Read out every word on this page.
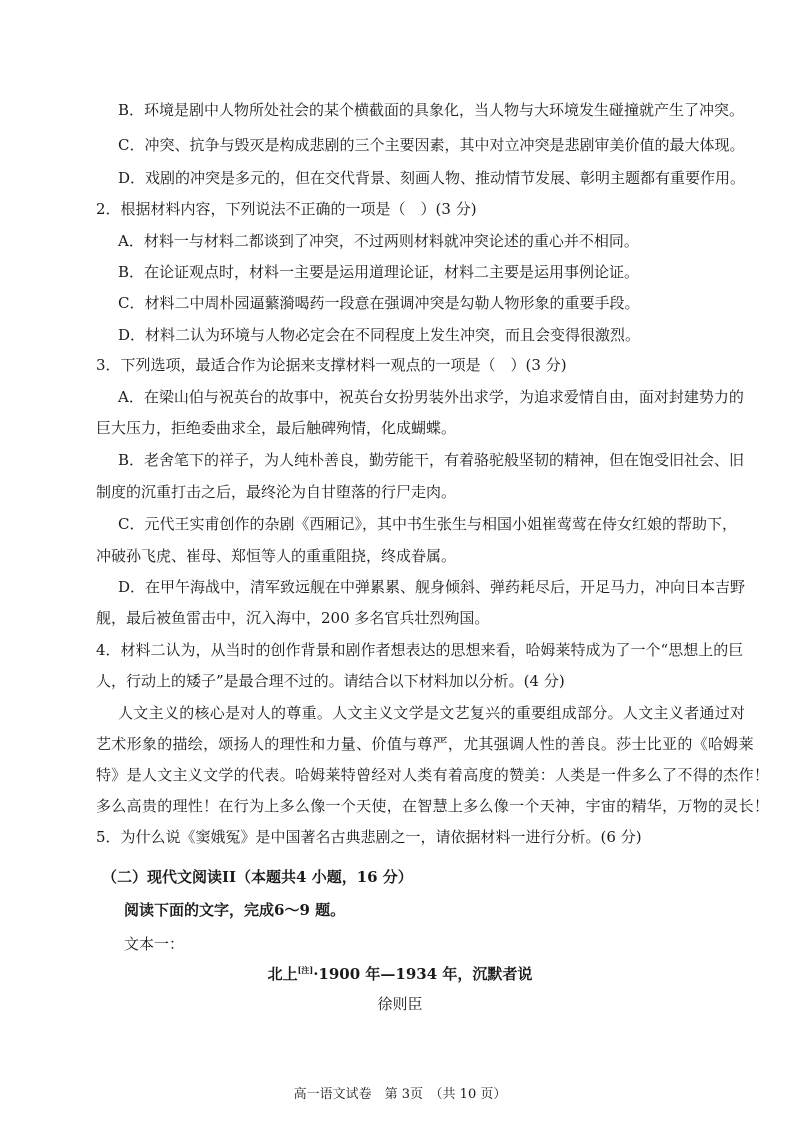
B．环境是剧中人物所处社会的某个横截面的具象化，当人物与大环境发生碰撞就产生了冲突。
C．冲突、抗争与毁灭是构成悲剧的三个主要因素，其中对立冲突是悲剧审美价值的最大体现。
D．戏剧的冲突是多元的，但在交代背景、刻画人物、推动情节发展、彰明主题都有重要作用。
2．根据材料内容，下列说法不正确的一项是（　）(3 分)
A．材料一与材料二都谈到了冲突，不过两则材料就冲突论述的重心并不相同。
B．在论证观点时，材料一主要是运用道理论证，材料二主要是运用事例论证。
C．材料二中周朴园逼蘩漪喝药一段意在强调冲突是勾勒人物形象的重要手段。
D．材料二认为环境与人物必定会在不同程度上发生冲突，而且会变得很激烈。
3．下列选项，最适合作为论据来支撑材料一观点的一项是（　）(3 分)
A．在梁山伯与祝英台的故事中，祝英台女扮男装外出求学，为追求爱情自由，面对封建势力的
巨大压力，拒绝委曲求全，最后触碑殉情，化成蝴蝶。
B．老舍笔下的祥子，为人纯朴善良，勤劳能干，有着骆驼般坚韧的精神，但在饱受旧社会、旧
制度的沉重打击之后，最终沦为自甘堕落的行尸走肉。
C．元代王实甫创作的杂剧《西厢记》，其中书生张生与相国小姐崔莺莺在侍女红娘的帮助下，
冲破孙飞虎、崔母、郑恒等人的重重阻挠，终成眷属。
D．在甲午海战中，清军致远舰在中弹累累、舰身倾斜、弹药耗尽后，开足马力，冲向日本吉野
舰，最后被鱼雷击中，沉入海中，200 多名官兵壮烈殉国。
4．材料二认为，从当时的创作背景和剧作者想表达的思想来看，哈姆莱特成为了一个“思想上的巨
人，行动上的矮子”是最合理不过的。请结合以下材料加以分析。(4 分)
人文主义的核心是对人的尊重。人文主义文学是文艺复兴的重要组成部分。人文主义者通过对
艺术形象的描绘，颂扬人的理性和力量、价值与尊严，尤其强调人性的善良。莎士比亚的《哈姆莱
特》是人文主义文学的代表。哈姆莱特曾经对人类有着高度的赞美：人类是一件多么了不得的杰作！
多么高贵的理性！在行为上多么像一个天使，在智慧上多么像一个天神，宇宙的精华，万物的灵长！
5．为什么说《窦娥冤》是中国著名古典悲剧之一，请依据材料一进行分析。(6 分)
（二）现代文阅读II（本题共4 小题，16 分）
阅读下面的文字，完成6～9 题。
文本一：
北上[注]·1900 年—1934 年，沉默者说
徐则臣
高一语文试卷　第 3页　（共 10 页）
